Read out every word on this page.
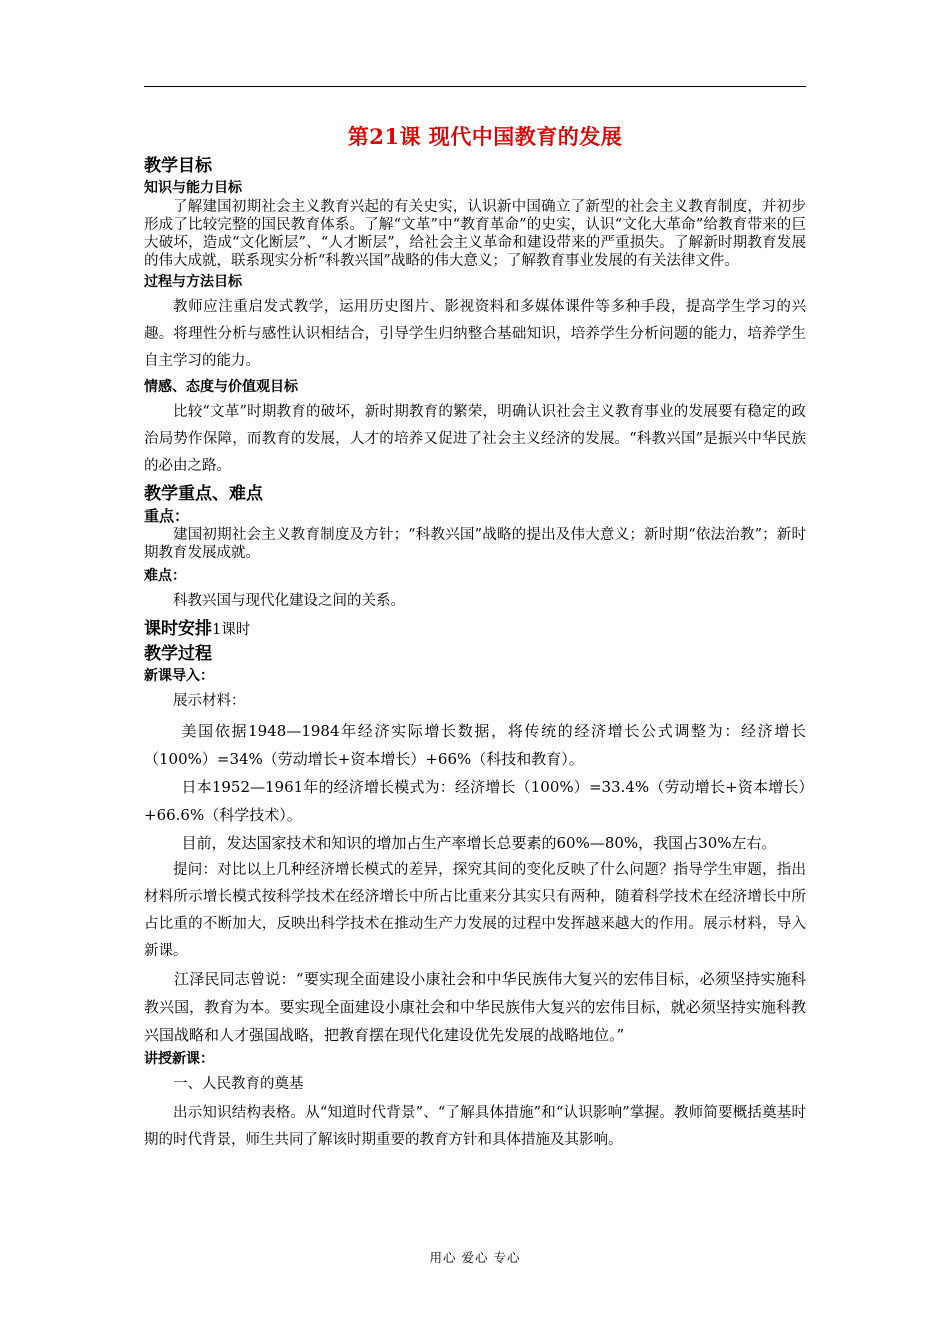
第21课 现代中国教育的发展
教学目标
知识与能力目标
了解建国初期社会主义教育兴起的有关史实，认识新中国确立了新型的社会主义教育制度，并初步形成了比较完整的国民教育体系。了解“文革”中“教育革命”的史实，认识“文化大革命”给教育带来的巨大破坏，造成“文化断层”、“人才断层”，给社会主义革命和建设带来的严重损失。了解新时期教育发展的伟大成就，联系现实分析“科教兴国”战略的伟大意义；了解教育事业发展的有关法律文件。
过程与方法目标
教师应注重启发式教学，运用历史图片、影视资料和多媒体课件等多种手段，提高学生学习的兴趣。将理性分析与感性认识相结合，引导学生归纳整合基础知识，培养学生分析问题的能力，培养学生自主学习的能力。
情感、态度与价值观目标
比较“文革”时期教育的破坏，新时期教育的繁荣，明确认识社会主义教育事业的发展要有稳定的政治局势作保障，而教育的发展，人才的培养又促进了社会主义经济的发展。“科教兴国”是振兴中华民族的必由之路。
教学重点、难点
重点：
建国初期社会主义教育制度及方针；“科教兴国”战略的提出及伟大意义；新时期“依法治教”；新时期教育发展成就。
难点：
科教兴国与现代化建设之间的关系。
课时安排1课时
教学过程
新课导入：
展示材料：
美国依据1948—1984年经济实际增长数据，将传统的经济增长公式调整为：经济增长（100%）=34%（劳动增长+资本增长）+66%（科技和教育）。
日本1952—1961年的经济增长模式为：经济增长（100%）=33.4%（劳动增长+资本增长）+66.6%（科学技术）。
目前，发达国家技术和知识的增加占生产率增长总要素的60%—80%，我国占30%左右。
提问：对比以上几种经济增长模式的差异，探究其间的变化反映了什么问题？指导学生审题，指出材料所示增长模式按科学技术在经济增长中所占比重来分其实只有两种，随着科学技术在经济增长中所占比重的不断加大，反映出科学技术在推动生产力发展的过程中发挥越来越大的作用。展示材料，导入新课。
江泽民同志曾说：“要实现全面建设小康社会和中华民族伟大复兴的宏伟目标，必须坚持实施科教兴国，教育为本。要实现全面建设小康社会和中华民族伟大复兴的宏伟目标，就必须坚持实施科教兴国战略和人才强国战略，把教育摆在现代化建设优先发展的战略地位。”
讲授新课：
一、人民教育的奠基
出示知识结构表格。从“知道时代背景”、“了解具体措施”和“认识影响”掌握。教师简要概括奠基时期的时代背景，师生共同了解该时期重要的教育方针和具体措施及其影响。
用心 爱心 专心
